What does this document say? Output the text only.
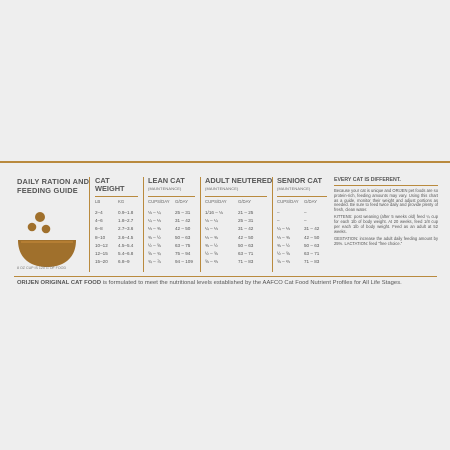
DAILY RATION AND FEEDING GUIDE
8 OZ CUP IS 120 G OF FOOD
CAT WEIGHT
LB	KG
LEAN CAT
(MAINTENANCE)
CUPS/DAY G/DAY
ADULT NEUTERED
(MAINTENANCE)
CUPS/DAY	G/DAY
SENIOR CAT
(MAINTENANCE)
CUPS/DAY G/DAY
2–4	0.9–1.8	⅛ – ¼	25 – 31	1/16 – ⅛	21 – 25	–	–
4–6	1.8–2.7	¼ – ⅓	31 – 42	⅛ – ¼	25 – 31	–	–
6–8	2.7–3.6	⅓ – ⅜	42 – 50	¼ – ⅓	31 – 42	¼ – ⅓	31 – 42
8–10	3.6–4.5	⅜ – ½	50 – 63	⅓ – ⅜	42 – 50	⅓ – ⅜	42 – 50
10–12 4.5–5.4	½ – ⅝	63 – 75	⅜ – ½	50 – 63	⅜ – ½	50 – 63
12–15 5.4–6.8	⅝ – ¾	75 – 94	½ – ⅝	63 – 71	½ – ⅝	63 – 71
15–20 6.8–9	¾ – ⅞	94 – 109	⅝ – ⅔	71 – 83	⅝ – ⅔	71 – 83
EVERY CAT IS DIFFERENT.

Because your cat is unique and ORIJEN pet foods are so protein-rich, feeding amounts may vary. Using this chart as a guide, monitor their weight and adjust portions as needed. Be sure to feed twice daily and provide plenty of fresh, clean water.

KITTENS: post weaning (after 5 weeks old) feed ¼ cup for each 1lb of body weight. At 20 weeks, feed 1/8 cup per each 1lb of body weight. Feed as an adult at 52 weeks.

GESTATION: increase the adult daily feeding amount by 25%. LACTATION: feed “free choice.”

ORIJEN ORIGINAL CAT FOOD is formulated to meet the nutritional levels established by the AAFCO Cat Food Nutrient Profiles for All Life Stages.
